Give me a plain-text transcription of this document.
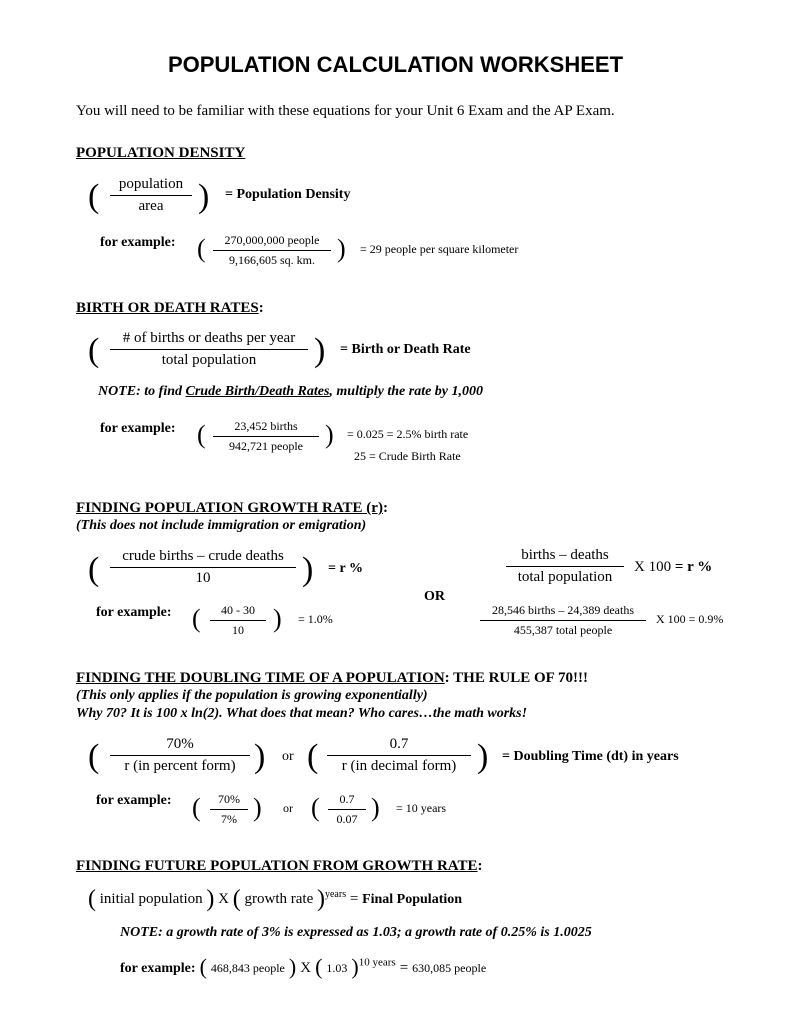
POPULATION CALCULATION WORKSHEET
You will need to be familiar with these equations for your Unit 6 Exam and the AP Exam.
POPULATION DENSITY
(	population
area	) = Population Density
for example: (	270,000,000 people
9,166,605 sq. km. ) = 29 people per square kilometer
BIRTH OR DEATH RATES:
(	# of births or deaths per year
total population	) = Birth or Death Rate
NOTE: to find Crude Birth/Death Rates, multiply the rate by 1,000
for example: (	23,452 births
942,721 people ) = 0.025 = 2.5% birth rate
25 = Crude Birth Rate
FINDING POPULATION GROWTH RATE (r):
(This does not include immigration or emigration)
(	crude births – crude deaths
10	) = r %
OR
births – deaths
total population
X 100 = r %
for example: ( $\frac{40 - 30}{10}$ ) = 1.0%
28,546 births – 24,389 deaths
455,387 total people
X 100 = 0.9%
FINDING THE DOUBLING TIME OF A POPULATION: THE RULE OF 70!!!
(This only applies if the population is growing exponentially)
Why 70? It is 100 x ln(2). What does that mean? Who cares…the math works!
(	70%
r (in percent form) ) or (	0.7
r (in decimal form) ) = Doubling Time (dt) in years
for example: ( $\frac{70\%}{7\%}$ ) or ( $\frac{0.7}{0.07}$ ) = 10 years
FINDING FUTURE POPULATION FROM GROWTH RATE:
( initial population ) X ( growth rate )$^{years}$ = Final Population
NOTE: a growth rate of 3% is expressed as 1.03; a growth rate of 0.25% is 1.0025
for example: ( 468,843 people ) X ( 1.03 )$^{10 years}$ = 630,085 people
